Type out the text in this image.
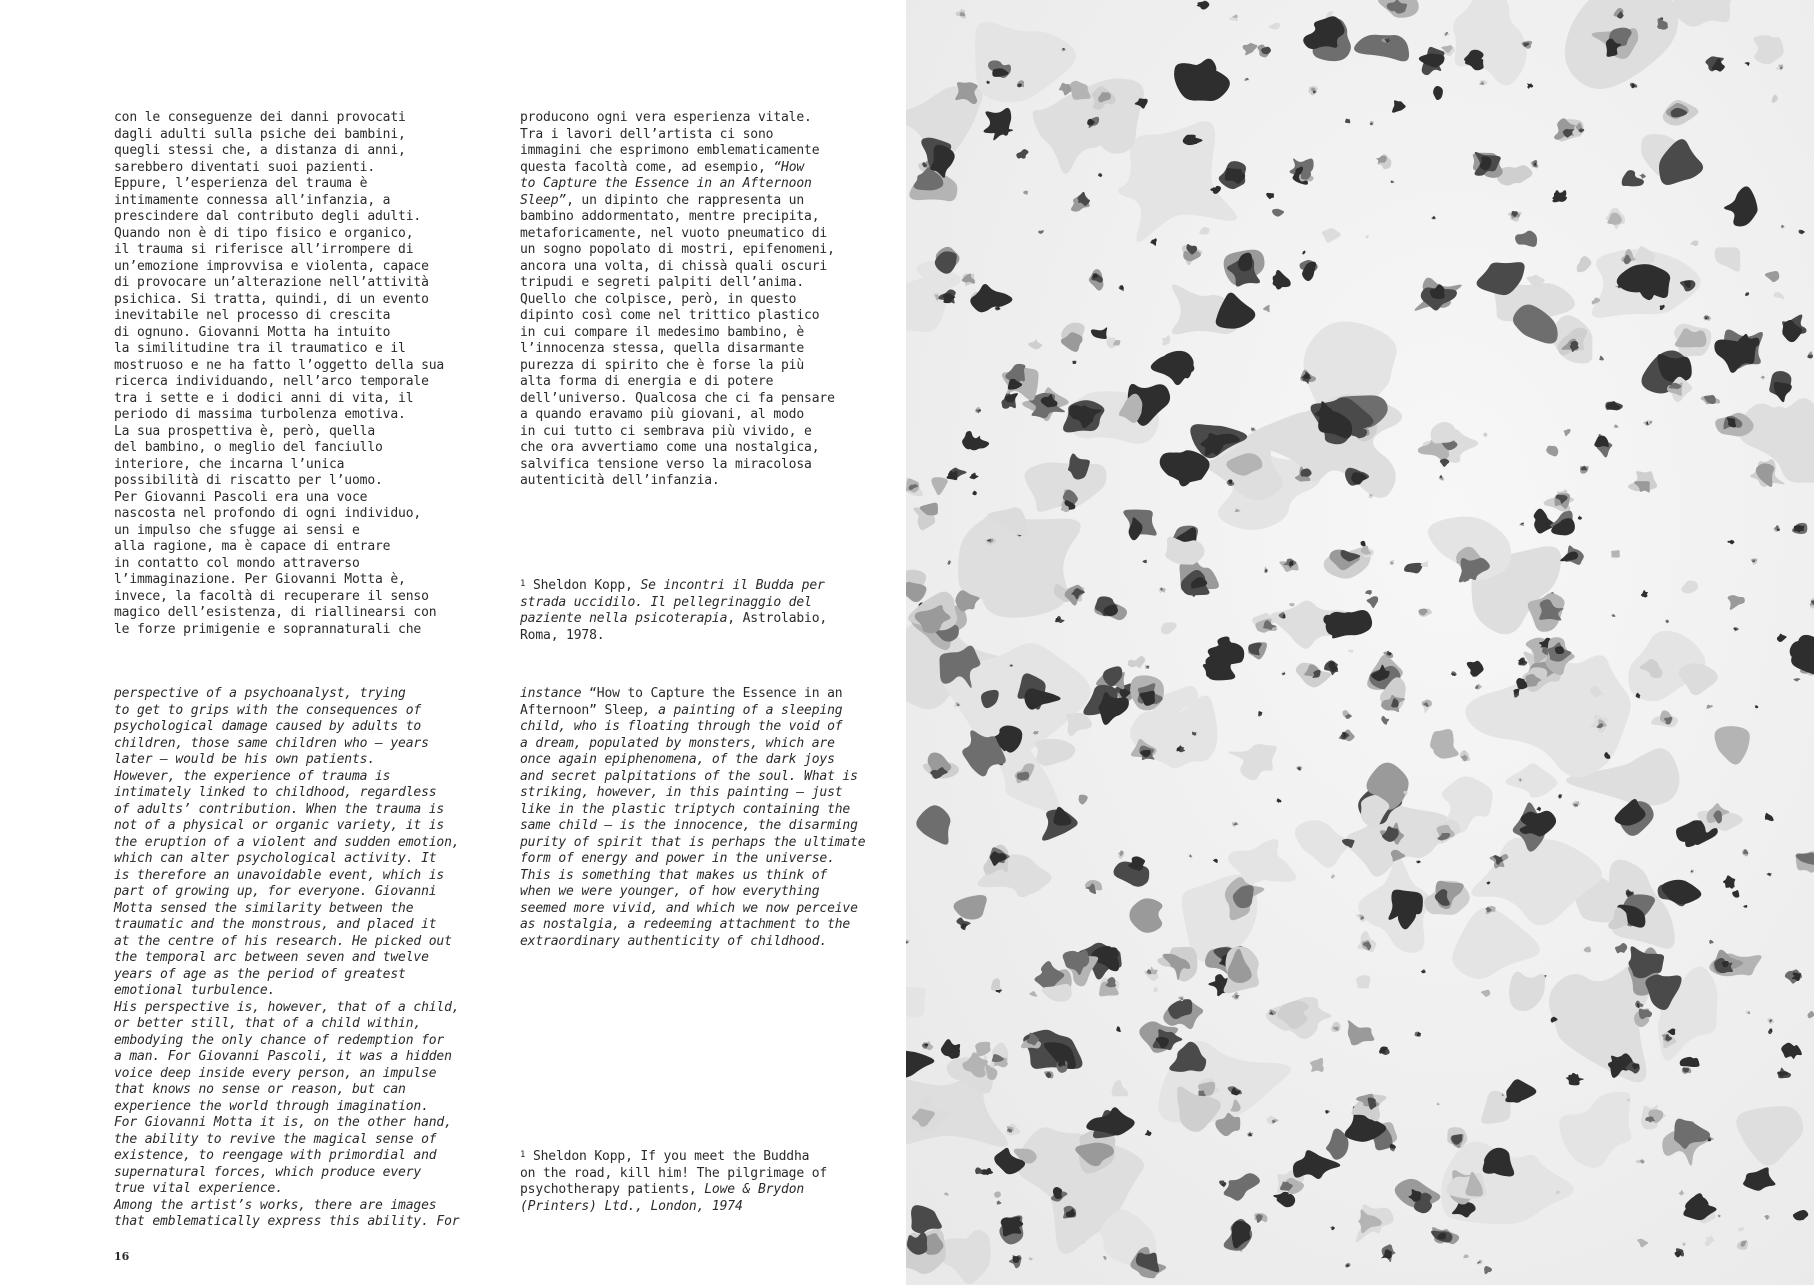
con le conseguenze dei danni provocati
dagli adulti sulla psiche dei bambini,
quegli stessi che, a distanza di anni,
sarebbero diventati suoi pazienti.
Eppure, l’esperienza del trauma è
intimamente connessa all’infanzia, a
prescindere dal contributo degli adulti.
Quando non è di tipo fisico e organico,
il trauma si riferisce all’irrompere di
un’emozione improvvisa e violenta, capace
di provocare un’alterazione nell’attività
psichica. Si tratta, quindi, di un evento
inevitabile nel processo di crescita
di ognuno. Giovanni Motta ha intuito
la similitudine tra il traumatico e il
mostruoso e ne ha fatto l’oggetto della sua
ricerca individuando, nell’arco temporale
tra i sette e i dodici anni di vita, il
periodo di massima turbolenza emotiva.
La sua prospettiva è, però, quella
del bambino, o meglio del fanciullo
interiore, che incarna l’unica
possibilità di riscatto per l’uomo.
Per Giovanni Pascoli era una voce
nascosta nel profondo di ogni individuo,
un impulso che sfugge ai sensi e
alla ragione, ma è capace di entrare
in contatto col mondo attraverso
l’immaginazione. Per Giovanni Motta è,
invece, la facoltà di recuperare il senso
magico dell’esistenza, di riallinearsi con
le forze primigenie e soprannaturali che
producono ogni vera esperienza vitale.
Tra i lavori dell’artista ci sono
immagini che esprimono emblematicamente
questa facoltà come, ad esempio, “How
to Capture the Essence in an Afternoon
Sleep”, un dipinto che rappresenta un
bambino addormentato, mentre precipita,
metaforicamente, nel vuoto pneumatico di
un sogno popolato di mostri, epifenomeni,
ancora una volta, di chissà quali oscuri
tripudi e segreti palpiti dell’anima.
Quello che colpisce, però, in questo
dipinto così come nel trittico plastico
in cui compare il medesimo bambino, è
l’innocenza stessa, quella disarmante
purezza di spirito che è forse la più
alta forma di energia e di potere
dell’universo. Qualcosa che ci fa pensare
a quando eravamo più giovani, al modo
in cui tutto ci sembrava più vivido, e
che ora avvertiamo come una nostalgica,
salvifica tensione verso la miracolosa
autenticità dell’infanzia.
$^1$ Sheldon Kopp, Se incontri il Budda per
strada uccidilo. Il pellegrinaggio del
paziente nella psicoterapia, Astrolabio,
Roma, 1978.
perspective of a psychoanalyst, trying
to get to grips with the consequences of
psychological damage caused by adults to
children, those same children who — years
later — would be his own patients.
However, the experience of trauma is
intimately linked to childhood, regardless
of adults’ contribution. When the trauma is
not of a physical or organic variety, it is
the eruption of a violent and sudden emotion,
which can alter psychological activity. It
is therefore an unavoidable event, which is
part of growing up, for everyone. Giovanni
Motta sensed the similarity between the
traumatic and the monstrous, and placed it
at the centre of his research. He picked out
the temporal arc between seven and twelve
years of age as the period of greatest
emotional turbulence.
His perspective is, however, that of a child,
or better still, that of a child within,
embodying the only chance of redemption for
a man. For Giovanni Pascoli, it was a hidden
voice deep inside every person, an impulse
that knows no sense or reason, but can
experience the world through imagination.
For Giovanni Motta it is, on the other hand,
the ability to revive the magical sense of
existence, to reengage with primordial and
supernatural forces, which produce every
true vital experience.
Among the artist’s works, there are images
that emblematically express this ability. For
instance “How to Capture the Essence in an
Afternoon” Sleep, a painting of a sleeping
child, who is floating through the void of
a dream, populated by monsters, which are
once again epiphenomena, of the dark joys
and secret palpitations of the soul. What is
striking, however, in this painting — just
like in the plastic triptych containing the
same child — is the innocence, the disarming
purity of spirit that is perhaps the ultimate
form of energy and power in the universe.
This is something that makes us think of
when we were younger, of how everything
seemed more vivid, and which we now perceive
as nostalgia, a redeeming attachment to the
extraordinary authenticity of childhood.
$^1$ Sheldon Kopp, If you meet the Buddha
on the road, kill him! The pilgrimage of
psychotherapy patients, Lowe & Brydon
(Printers) Ltd., London, 1974
16
